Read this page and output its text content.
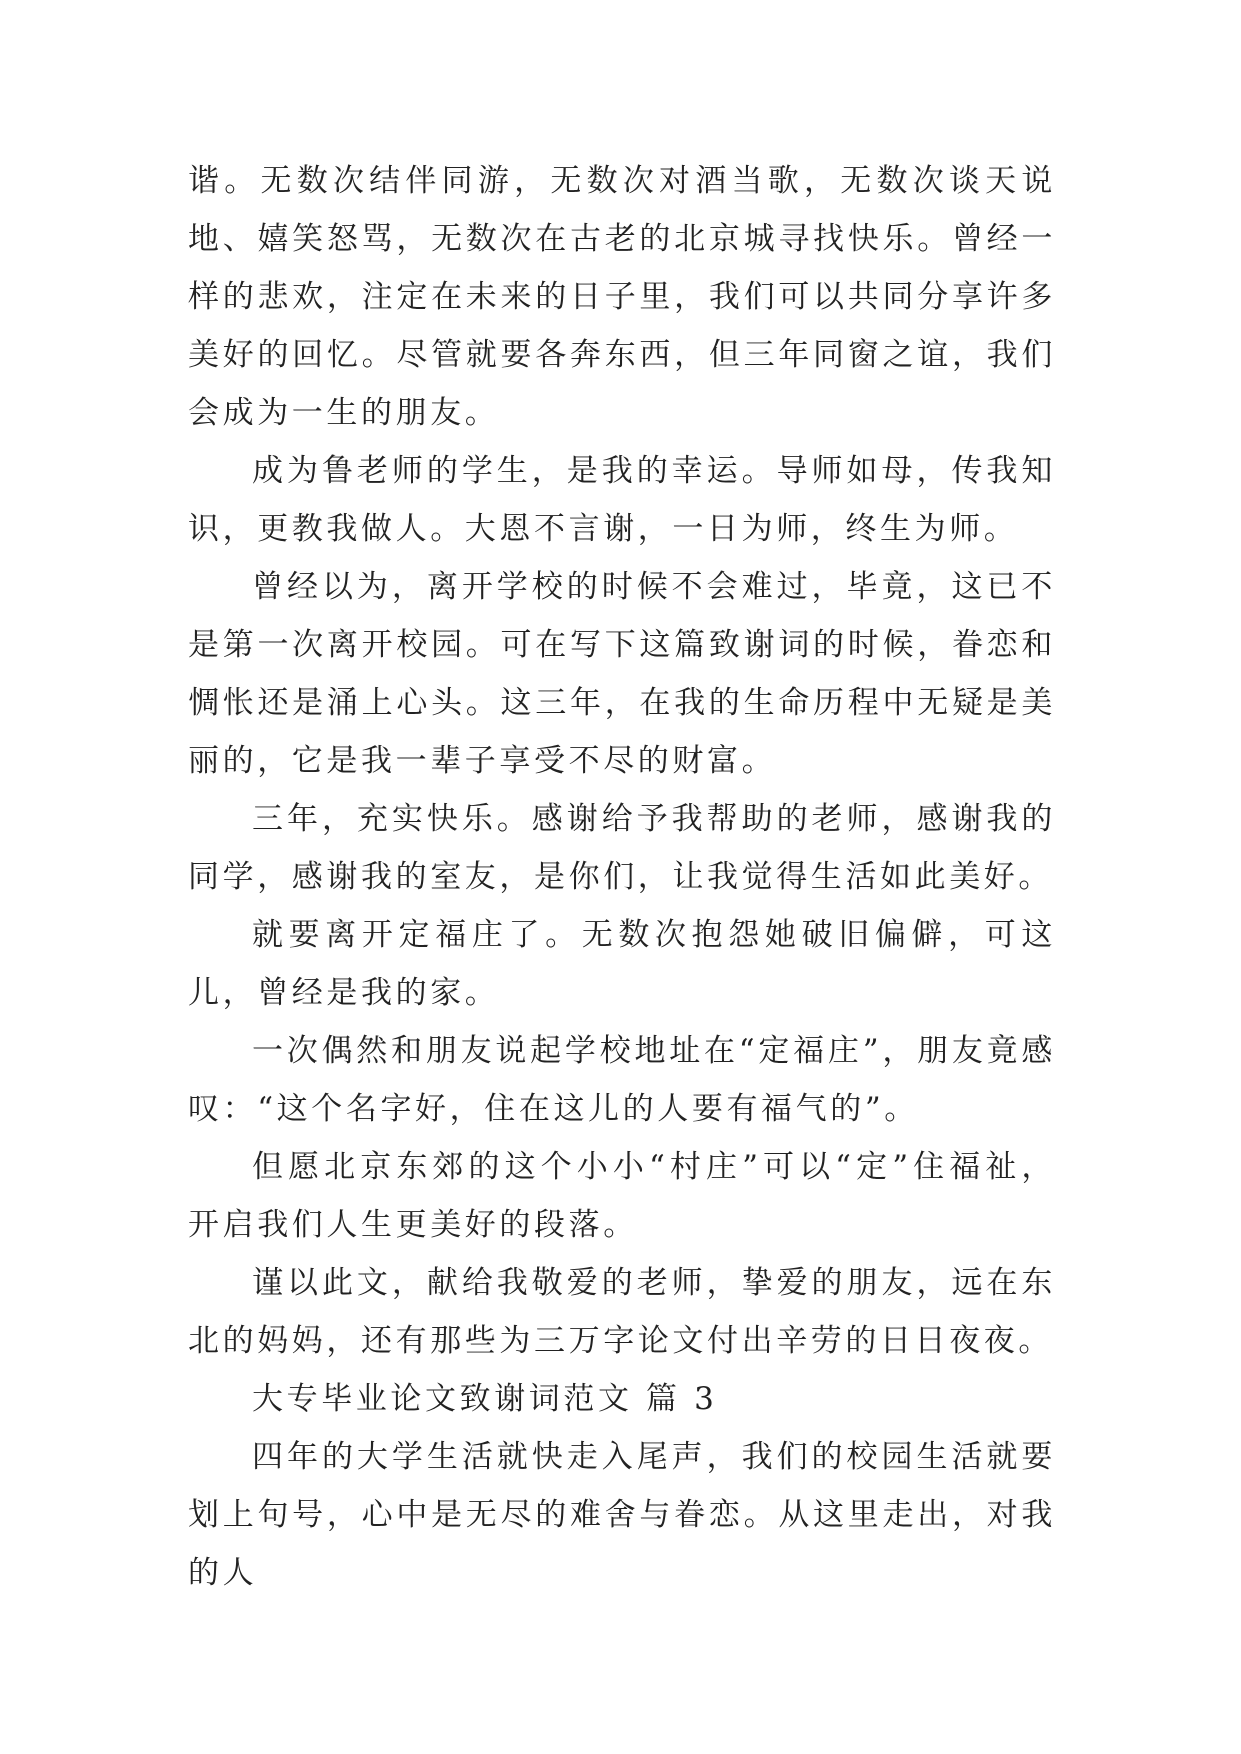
谐。无数次结伴同游，无数次对酒当歌，无数次谈天说地、嬉笑怒骂，无数次在古老的北京城寻找快乐。曾经一样的悲欢，注定在未来的日子里，我们可以共同分享许多美好的回忆。尽管就要各奔东西，但三年同窗之谊，我们会成为一生的朋友。

成为鲁老师的学生，是我的幸运。导师如母，传我知识，更教我做人。大恩不言谢，一日为师，终生为师。

曾经以为，离开学校的时候不会难过，毕竟，这已不是第一次离开校园。可在写下这篇致谢词的时候，眷恋和惆怅还是涌上心头。这三年，在我的生命历程中无疑是美丽的，它是我一辈子享受不尽的财富。

三年，充实快乐。感谢给予我帮助的老师，感谢我的同学，感谢我的室友，是你们，让我觉得生活如此美好。

就要离开定福庄了。无数次抱怨她破旧偏僻，可这儿，曾经是我的家。

一次偶然和朋友说起学校地址在“定福庄”，朋友竟感叹：“这个名字好，住在这儿的人要有福气的”。

但愿北京东郊的这个小小“村庄”可以“定”住福祉，开启我们人生更美好的段落。

谨以此文，献给我敬爱的老师，挚爱的朋友，远在东北的妈妈，还有那些为三万字论文付出辛劳的日日夜夜。

大专毕业论文致谢词范文 篇 3

四年的大学生活就快走入尾声，我们的校园生活就要划上句号，心中是无尽的难舍与眷恋。从这里走出，对我的人
